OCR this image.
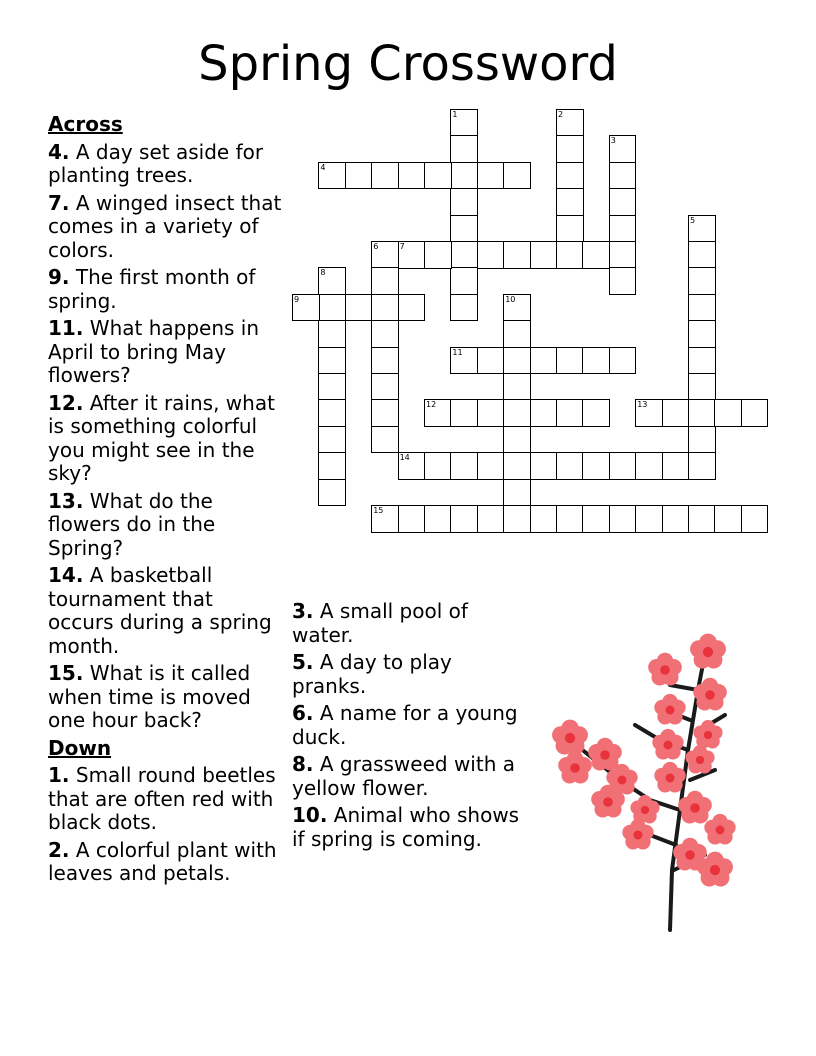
Spring Crossword
Across
4. A day set aside for planting trees.
7. A winged insect that comes in a variety of colors.
9. The first month of spring.
11. What happens in April to bring May flowers?
12. After it rains, what is something colorful you might see in the sky?
13. What do the flowers do in the Spring?
14. A basketball tournament that occurs during a spring month.
15. What is it called when time is moved one hour back?
Down
1. Small round beetles that are often red with black dots.
2. A colorful plant with leaves and petals.
3. A small pool of water.
5. A day to play pranks.
6. A name for a young duck.
8. A grassweed with a yellow flower.
10. Animal who shows if spring is coming.
1	2
3
4
5
6	7
8
9	10
11
12	13
14
15
